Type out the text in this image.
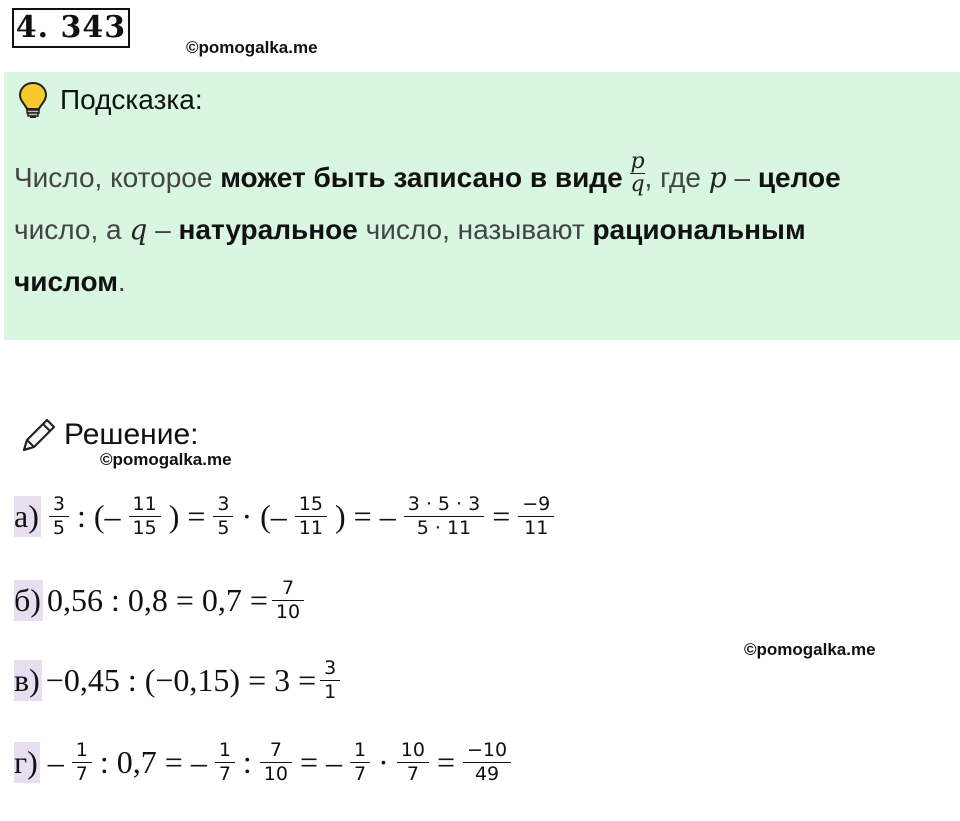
4. 343
©pomogalka.me
Подсказка:
Число, которое может быть записано в виде $\frac{p}{q}$ , где p – целое
число, а q – натуральное число, называют рациональным
числом.
Решение:
©pomogalka.me
$а) \frac{3}{5}$ : (– $\frac{11}{15}$ ) = $\frac{3}{5}$ · (– $\frac{15}{11}$ ) = – $\frac{3 \cdot 5 \cdot 3}{5 \cdot 11} = \frac{-9}{11}$
б) 0,56 : $0,8 = 0,7 = \frac{7}{10}$
©pomogalka.me
в) −0,45 : $(-0,15) = 3 = \frac{3}{1}$
$г) - \frac{1}{7}$ : 0,7 = – $\frac{1}{7}$ : $\frac{7}{10}$ = – $\frac{1}{7} \cdot \frac{10}{7} = \frac{-10}{49}$
